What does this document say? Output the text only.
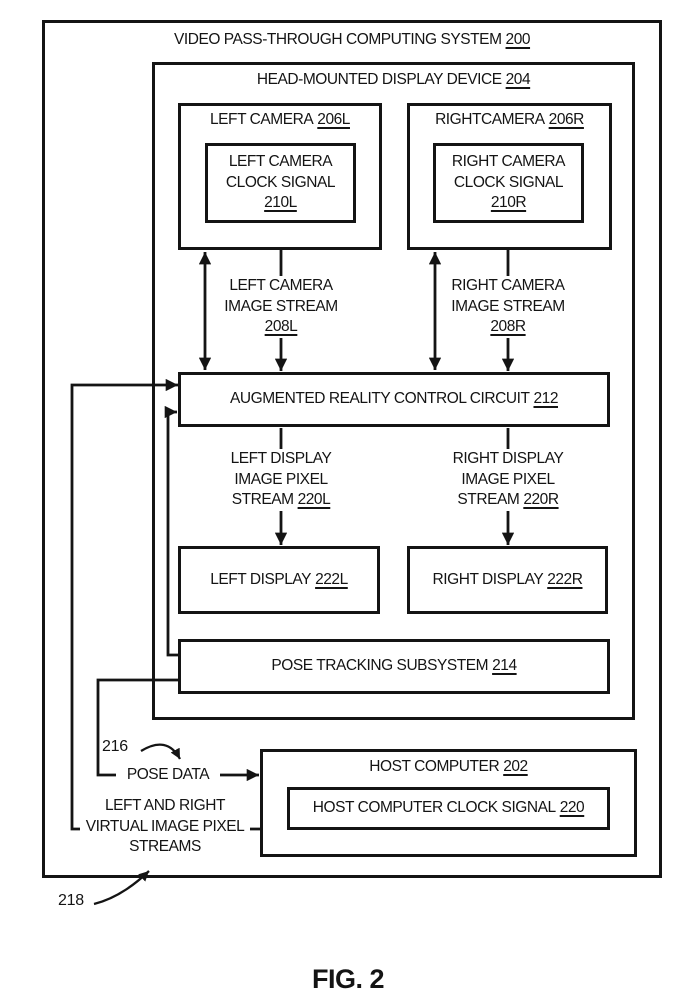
VIDEO PASS-THROUGH COMPUTING SYSTEM 200
HEAD-MOUNTED DISPLAY DEVICE 204
LEFT CAMERA 206L
LEFT CAMERA
CLOCK SIGNAL
210L
RIGHTCAMERA 206R
RIGHT CAMERA
CLOCK SIGNAL
210R
AUGMENTED REALITY CONTROL CIRCUIT 212
LEFT DISPLAY 222L	RIGHT DISPLAY 222R
POSE TRACKING SUBSYSTEM 214
HOST COMPUTER 202
HOST COMPUTER CLOCK SIGNAL 220
LEFT CAMERA
IMAGE STREAM
208L
RIGHT CAMERA
IMAGE STREAM
208R
LEFT DISPLAY
IMAGE PIXEL
STREAM 220L
RIGHT DISPLAY
IMAGE PIXEL
STREAM 220R
POSE DATA
LEFT AND RIGHT
VIRTUAL IMAGE PIXEL
STREAMS
216
218
FIG. 2
